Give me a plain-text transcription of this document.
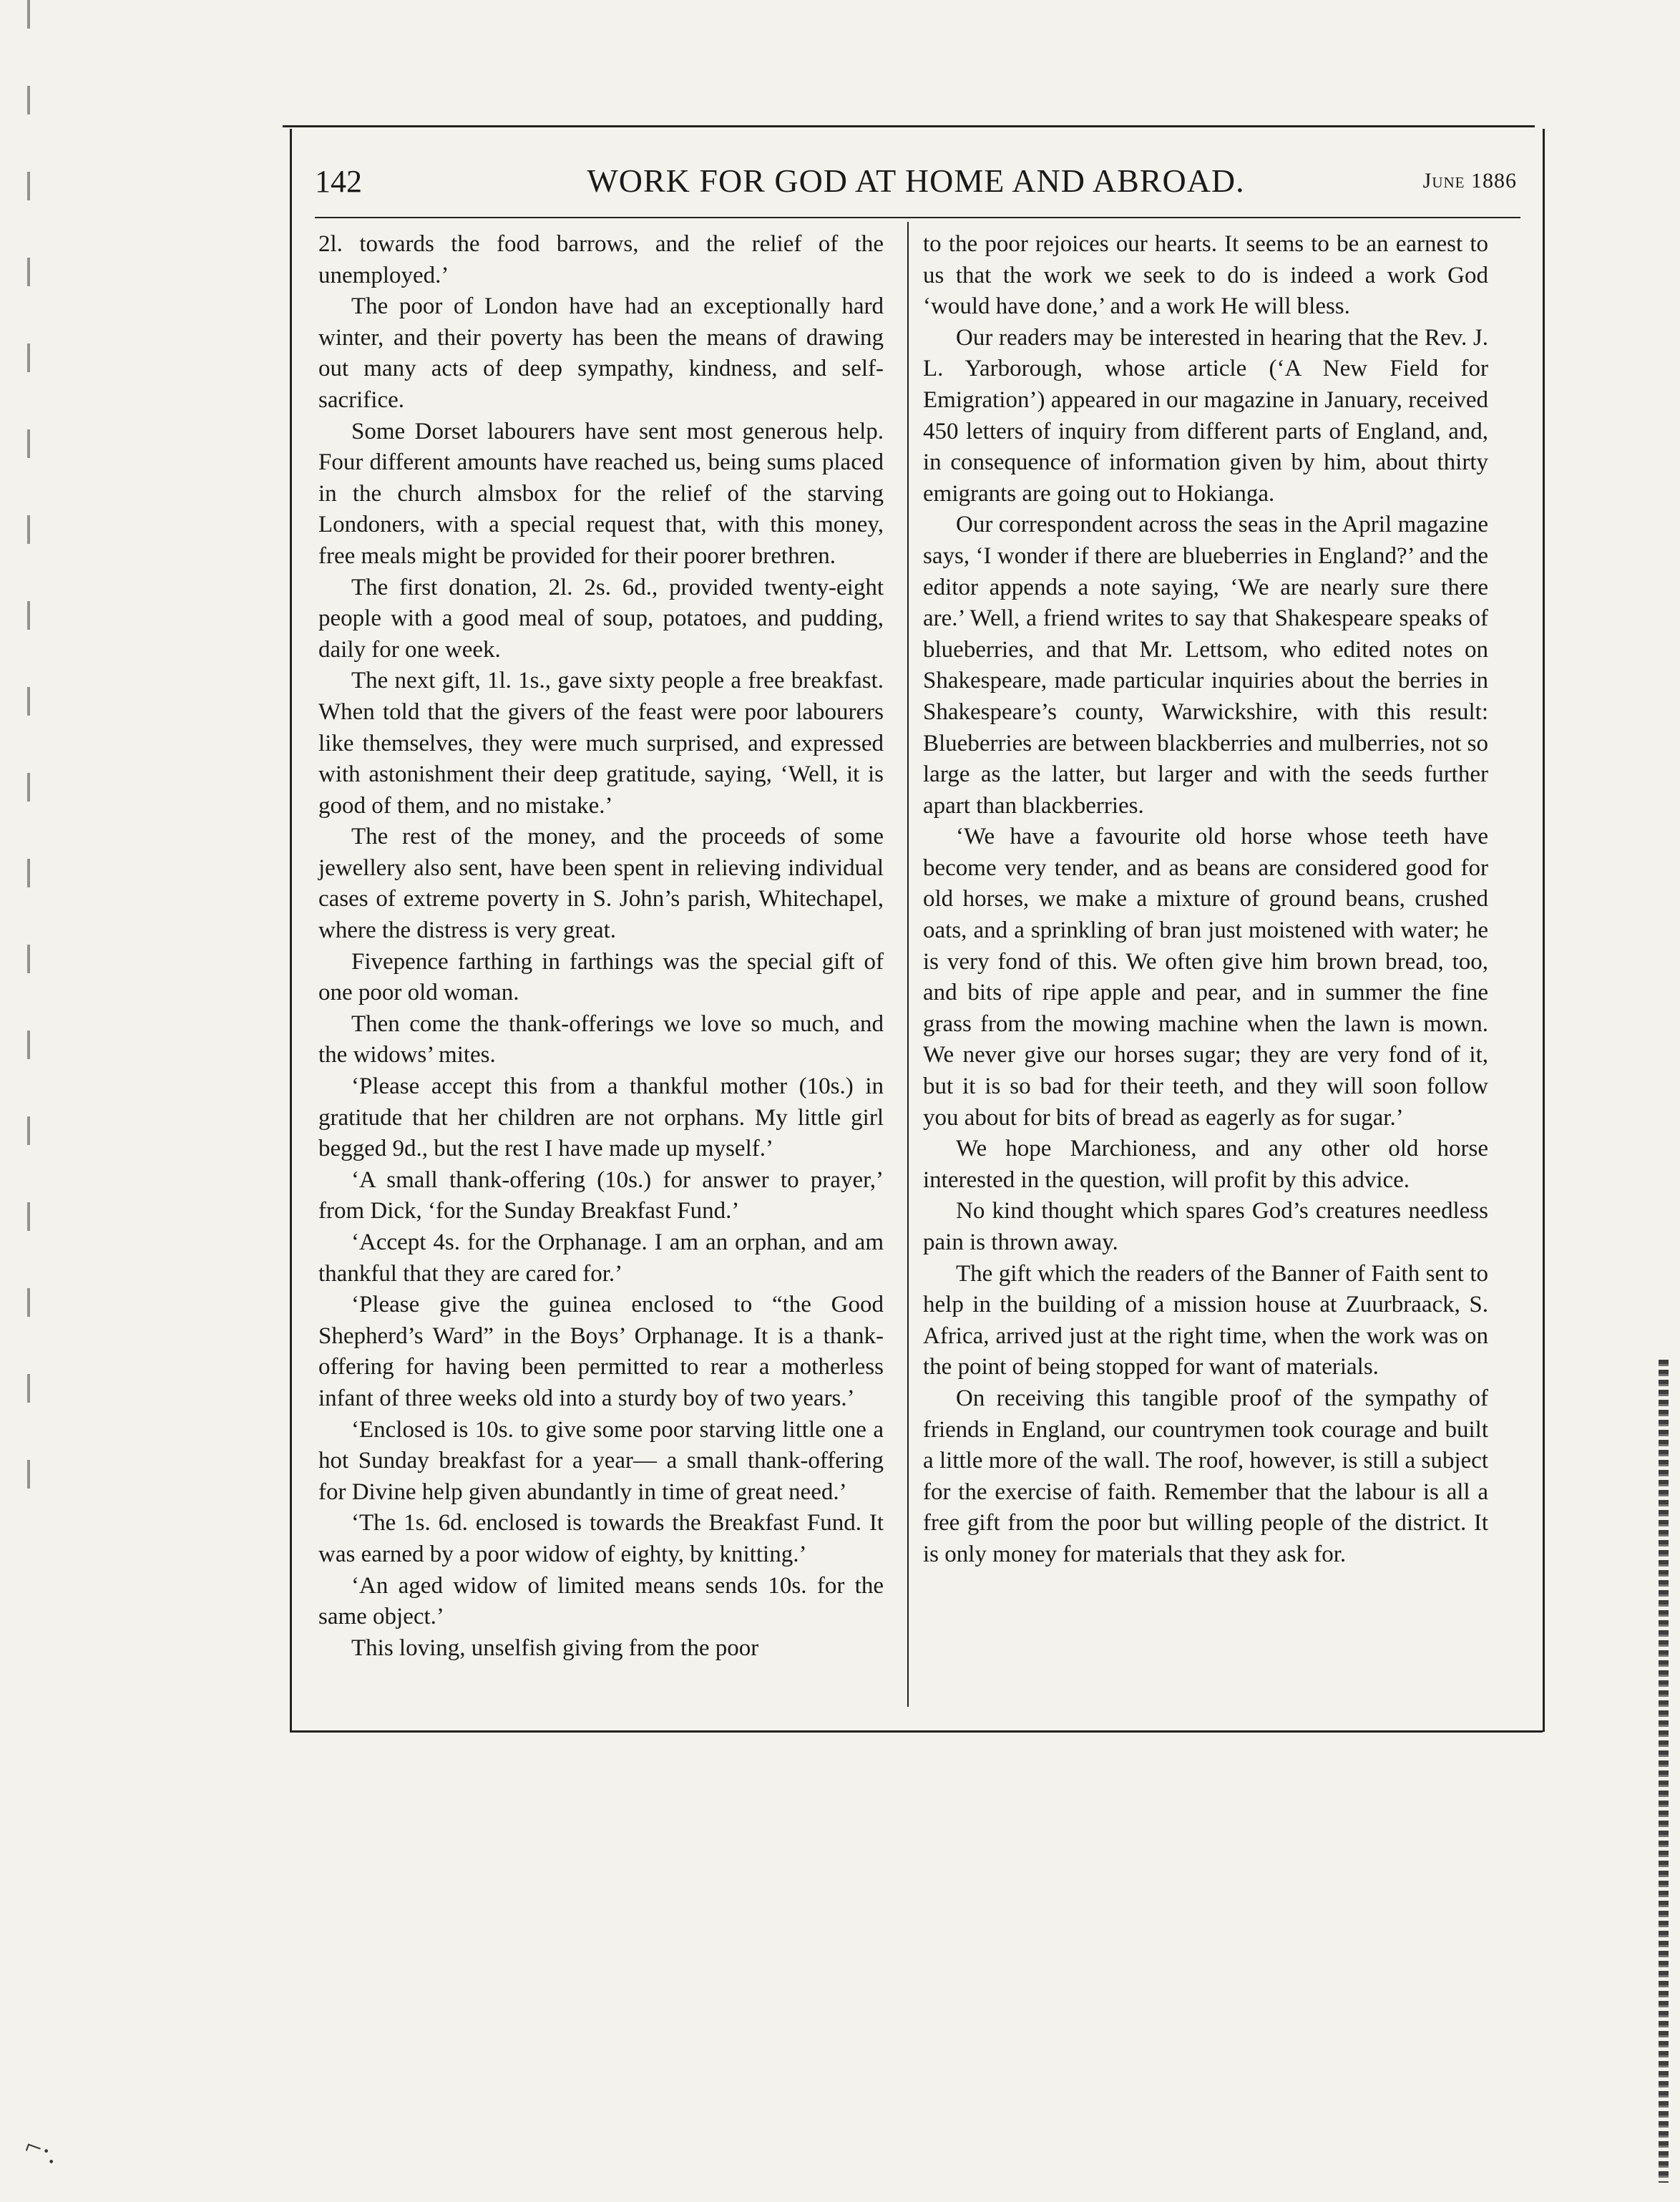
142	WORK FOR GOD AT HOME AND ABROAD.	June 1886

2l. towards the food barrows, and the relief of the unemployed.’

The poor of London have had an exceptionally hard winter, and their poverty has been the means of drawing out many acts of deep sympathy, kindness, and self-sacrifice.

Some Dorset labourers have sent most generous help. Four different amounts have reached us, being sums placed in the church almsbox for the relief of the starving Londoners, with a special request that, with this money, free meals might be provided for their poorer brethren.

The first donation, 2l. 2s. 6d., provided twenty-eight people with a good meal of soup, potatoes, and pudding, daily for one week.

The next gift, 1l. 1s., gave sixty people a free breakfast. When told that the givers of the feast were poor labourers like themselves, they were much surprised, and expressed with astonishment their deep gratitude, saying, ‘Well, it is good of them, and no mistake.’

The rest of the money, and the proceeds of some jewellery also sent, have been spent in relieving individual cases of extreme poverty in S. John’s parish, Whitechapel, where the distress is very great.

Fivepence farthing in farthings was the special gift of one poor old woman.

Then come the thank-offerings we love so much, and the widows’ mites.

‘Please accept this from a thankful mother (10s.) in gratitude that her children are not orphans. My little girl begged 9d., but the rest I have made up myself.’

‘A small thank-offering (10s.) for answer to prayer,’ from Dick, ‘for the Sunday Breakfast Fund.’

‘Accept 4s. for the Orphanage. I am an orphan, and am thankful that they are cared for.’

‘Please give the guinea enclosed to “the Good Shepherd’s Ward” in the Boys’ Orphanage. It is a thank-offering for having been permitted to rear a motherless infant of three weeks old into a sturdy boy of two years.’

‘Enclosed is 10s. to give some poor starving little one a hot Sunday breakfast for a year— a small thank-offering for Divine help given abundantly in time of great need.’

‘The 1s. 6d. enclosed is towards the Breakfast Fund. It was earned by a poor widow of eighty, by knitting.’

‘An aged widow of limited means sends 10s. for the same object.’

This loving, unselfish giving from the poor

to the poor rejoices our hearts. It seems to be an earnest to us that the work we seek to do is indeed a work God ‘would have done,’ and a work He will bless.

Our readers may be interested in hearing that the Rev. J. L. Yarborough, whose article (‘A New Field for Emigration’) appeared in our magazine in January, received 450 letters of inquiry from different parts of England, and, in consequence of information given by him, about thirty emigrants are going out to Hokianga.

Our correspondent across the seas in the April magazine says, ‘I wonder if there are blueberries in England?’ and the editor appends a note saying, ‘We are nearly sure there are.’ Well, a friend writes to say that Shakespeare speaks of blueberries, and that Mr. Lettsom, who edited notes on Shakespeare, made particular inquiries about the berries in Shakespeare’s county, Warwickshire, with this result: Blueberries are between blackberries and mulberries, not so large as the latter, but larger and with the seeds further apart than blackberries.

‘We have a favourite old horse whose teeth have become very tender, and as beans are considered good for old horses, we make a mixture of ground beans, crushed oats, and a sprinkling of bran just moistened with water; he is very fond of this. We often give him brown bread, too, and bits of ripe apple and pear, and in summer the fine grass from the mowing machine when the lawn is mown. We never give our horses sugar; they are very fond of it, but it is so bad for their teeth, and they will soon follow you about for bits of bread as eagerly as for sugar.’

We hope Marchioness, and any other old horse interested in the question, will profit by this advice.

No kind thought which spares God’s creatures needless pain is thrown away.

The gift which the readers of the Banner of Faith sent to help in the building of a mission house at Zuurbraack, S. Africa, arrived just at the right time, when the work was on the point of being stopped for want of materials.

On receiving this tangible proof of the sympathy of friends in England, our countrymen took courage and built a little more of the wall. The roof, however, is still a subject for the exercise of faith. Remember that the labour is all a free gift from the poor but willing people of the district. It is only money for materials that they ask for.

⌐·.
